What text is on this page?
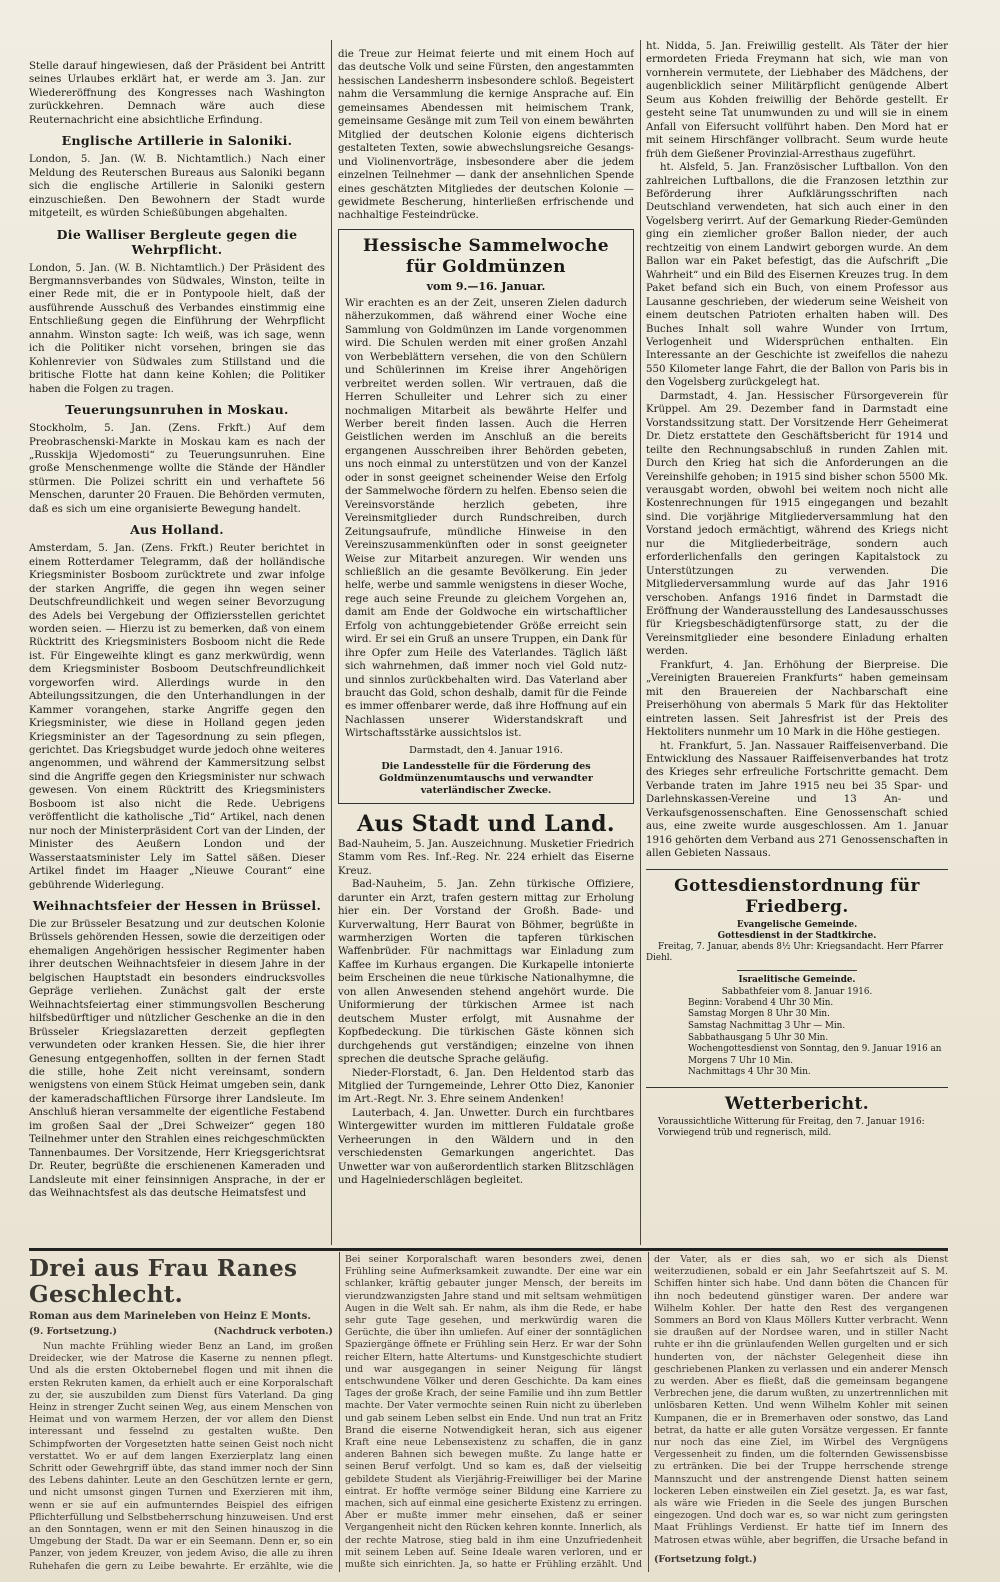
Stelle darauf hingewiesen, daß der Präsident bei Antritt seines Urlaubes erklärt hat, er werde am 3. Jan. zur Wiedereröffnung des Kongresses nach Washington zurückkehren. Demnach wäre auch diese Reuternachricht eine absichtliche Erfindung.

Englische Artillerie in Saloniki.

London, 5. Jan. (W. B. Nichtamtlich.) Nach einer Meldung des Reuterschen Bureaus aus Saloniki begann sich die englische Artillerie in Saloniki gestern einzuschießen. Den Bewohnern der Stadt wurde mitgeteilt, es würden Schießübungen abgehalten.

Die Walliser Bergleute gegen die Wehrpflicht.

London, 5. Jan. (W. B. Nichtamtlich.) Der Präsident des Bergmannsverbandes von Südwales, Winston, teilte in einer Rede mit, die er in Pontypoole hielt, daß der ausführende Ausschuß des Verbandes einstimmig eine Entschließung gegen die Einführung der Wehrpflicht annahm. Winston sagte: Ich weiß, was ich sage, wenn ich die Politiker nicht vorsehen, bringen sie das Kohlenrevier von Südwales zum Stillstand und die britische Flotte hat dann keine Kohlen; die Politiker haben die Folgen zu tragen.

Teuerungsunruhen in Moskau.

Stockholm, 5. Jan. (Zens. Frkft.) Auf dem Preobraschenski-Markte in Moskau kam es nach der „Russkija Wjedomosti“ zu Teuerungsunruhen. Eine große Menschenmenge wollte die Stände der Händler stürmen. Die Polizei schritt ein und verhaftete 56 Menschen, darunter 20 Frauen. Die Behörden vermuten, daß es sich um eine organisierte Bewegung handelt.

Aus Holland.

Amsterdam, 5. Jan. (Zens. Frkft.) Reuter berichtet in einem Rotterdamer Telegramm, daß der holländische Kriegsminister Bosboom zurücktrete und zwar infolge der starken Angriffe, die gegen ihn wegen seiner Deutschfreundlichkeit und wegen seiner Bevorzugung des Adels bei Vergebung der Offiziersstellen gerichtet worden seien. — Hierzu ist zu bemerken, daß von einem Rücktritt des Kriegsministers Bosboom nicht die Rede ist. Für Eingeweihte klingt es ganz merkwürdig, wenn dem Kriegsminister Bosboom Deutschfreundlichkeit vorgeworfen wird. Allerdings wurde in den Abteilungssitzungen, die den Unterhandlungen in der Kammer vorangehen, starke Angriffe gegen den Kriegsminister, wie diese in Holland gegen jeden Kriegsminister an der Tagesordnung zu sein pflegen, gerichtet. Das Kriegsbudget wurde jedoch ohne weiteres angenommen, und während der Kammersitzung selbst sind die Angriffe gegen den Kriegsminister nur schwach gewesen. Von einem Rücktritt des Kriegsministers Bosboom ist also nicht die Rede. Uebrigens veröffentlicht die katholische „Tid“ Artikel, nach denen nur noch der Ministerpräsident Cort van der Linden, der Minister des Aeußern London und der Wasserstaatsminister Lely im Sattel säßen. Dieser Artikel findet im Haager „Nieuwe Courant“ eine gebührende Widerlegung.

Weihnachtsfeier der Hessen in Brüssel.

Die zur Brüsseler Besatzung und zur deutschen Kolonie Brüssels gehörenden Hessen, sowie die derzeitigen oder ehemaligen Angehörigen hessischer Regimenter haben ihrer deutschen Weihnachtsfeier in diesem Jahre in der belgischen Hauptstadt ein besonders eindrucksvolles Gepräge verliehen. Zunächst galt der erste Weihnachtsfeiertag einer stimmungsvollen Bescherung hilfsbedürftiger und nützlicher Geschenke an die in den Brüsseler Kriegslazaretten derzeit gepflegten verwundeten oder kranken Hessen. Sie, die hier ihrer Genesung entgegenhoffen, sollten in der fernen Stadt die stille, hohe Zeit nicht vereinsamt, sondern wenigstens von einem Stück Heimat umgeben sein, dank der kameradschaftlichen Fürsorge ihrer Landsleute. Im Anschluß hieran versammelte der eigentliche Festabend im großen Saal der „Drei Schweizer“ gegen 180 Teilnehmer unter den Strahlen eines reichgeschmückten Tannenbaumes. Der Vorsitzende, Herr Kriegsgerichtsrat Dr. Reuter, begrüßte die erschienenen Kameraden und Landsleute mit einer feinsinnigen Ansprache, in der er das Weihnachtsfest als das deutsche Heimatsfest und

die Treue zur Heimat feierte und mit einem Hoch auf das deutsche Volk und seine Fürsten, den angestammten hessischen Landesherrn insbesondere schloß. Begeistert nahm die Versammlung die kernige Ansprache auf. Ein gemeinsames Abendessen mit heimischem Trank, gemeinsame Gesänge mit zum Teil von einem bewährten Mitglied der deutschen Kolonie eigens dichterisch gestalteten Texten, sowie abwechslungsreiche Gesangs- und Violinenvorträge, insbesondere aber die jedem einzelnen Teilnehmer — dank der ansehnlichen Spende eines geschätzten Mitgliedes der deutschen Kolonie — gewidmete Bescherung, hinterließen erfrischende und nachhaltige Festeindrücke.

Hessische Sammelwoche für Goldmünzen
vom 9.—16. Januar.

Wir erachten es an der Zeit, unseren Zielen dadurch näherzukommen, daß während einer Woche eine Sammlung von Goldmünzen im Lande vorgenommen wird. Die Schulen werden mit einer großen Anzahl von Werbeblättern versehen, die von den Schülern und Schülerinnen im Kreise ihrer Angehörigen verbreitet werden sollen. Wir vertrauen, daß die Herren Schulleiter und Lehrer sich zu einer nochmaligen Mitarbeit als bewährte Helfer und Werber bereit finden lassen. Auch die Herren Geistlichen werden im Anschluß an die bereits ergangenen Ausschreiben ihrer Behörden gebeten, uns noch einmal zu unterstützen und von der Kanzel oder in sonst geeignet scheinender Weise den Erfolg der Sammelwoche fördern zu helfen. Ebenso seien die Vereinsvorstände herzlich gebeten, ihre Vereinsmitglieder durch Rundschreiben, durch Zeitungsaufrufe, mündliche Hinweise in den Vereinszusammenkünften oder in sonst geeigneter Weise zur Mitarbeit anzuregen. Wir wenden uns schließlich an die gesamte Bevölkerung. Ein jeder helfe, werbe und sammle wenigstens in dieser Woche, rege auch seine Freunde zu gleichem Vorgehen an, damit am Ende der Goldwoche ein wirtschaftlicher Erfolg von achtunggebietender Größe erreicht sein wird. Er sei ein Gruß an unsere Truppen, ein Dank für ihre Opfer zum Heile des Vaterlandes. Täglich läßt sich wahrnehmen, daß immer noch viel Gold nutz- und sinnlos zurückbehalten wird. Das Vaterland aber braucht das Gold, schon deshalb, damit für die Feinde es immer offenbarer werde, daß ihre Hoffnung auf ein Nachlassen unserer Widerstandskraft und Wirtschaftsstärke aussichtslos ist.

Darmstadt, den 4. Januar 1916.
Die Landesstelle für die Förderung des Goldmünzenumtauschs und verwandter vaterländischer Zwecke.
Aus Stadt und Land.

Bad-Nauheim, 5. Jan. Auszeichnung. Musketier Friedrich Stamm vom Res. Inf.-Reg. Nr. 224 erhielt das Eiserne Kreuz.

Bad-Nauheim, 5. Jan. Zehn türkische Offiziere, darunter ein Arzt, trafen gestern mittag zur Erholung hier ein. Der Vorstand der Großh. Bade- und Kurverwaltung, Herr Baurat von Böhmer, begrüßte in warmherzigen Worten die tapferen türkischen Waffenbrüder. Für nachmittags war Einladung zum Kaffee im Kurhaus ergangen. Die Kurkapelle intonierte beim Erscheinen die neue türkische Nationalhymne, die von allen Anwesenden stehend angehört wurde. Die Uniformierung der türkischen Armee ist nach deutschem Muster erfolgt, mit Ausnahme der Kopfbedeckung. Die türkischen Gäste können sich durchgehends gut verständigen; einzelne von ihnen sprechen die deutsche Sprache geläufig.

Nieder-Florstadt, 6. Jan. Den Heldentod starb das Mitglied der Turngemeinde, Lehrer Otto Diez, Kanonier im Art.-Regt. Nr. 3. Ehre seinem Andenken!

Lauterbach, 4. Jan. Unwetter. Durch ein furchtbares Wintergewitter wurden im mittleren Fuldatale große Verheerungen in den Wäldern und in den verschiedensten Gemarkungen angerichtet. Das Unwetter war von außerordentlich starken Blitzschlägen und Hagelniederschlägen begleitet.

ht. Nidda, 5. Jan. Freiwillig gestellt. Als Täter der hier ermordeten Frieda Freymann hat sich, wie man von vornherein vermutete, der Liebhaber des Mädchens, der augenblicklich seiner Militärpflicht genügende Albert Seum aus Kohden freiwillig der Behörde gestellt. Er gesteht seine Tat unumwunden zu und will sie in einem Anfall von Eifersucht vollführt haben. Den Mord hat er mit seinem Hirschfänger vollbracht. Seum wurde heute früh dem Gießener Provinzial-Arresthaus zugeführt.

ht. Alsfeld, 5. Jan. Französischer Luftballon. Von den zahlreichen Luftballons, die die Franzosen letzthin zur Beförderung ihrer Aufklärungsschriften nach Deutschland verwendeten, hat sich auch einer in den Vogelsberg verirrt. Auf der Gemarkung Rieder-Gemünden ging ein ziemlicher großer Ballon nieder, der auch rechtzeitig von einem Landwirt geborgen wurde. An dem Ballon war ein Paket befestigt, das die Aufschrift „Die Wahrheit“ und ein Bild des Eisernen Kreuzes trug. In dem Paket befand sich ein Buch, von einem Professor aus Lausanne geschrieben, der wiederum seine Weisheit von einem deutschen Patrioten erhalten haben will. Des Buches Inhalt soll wahre Wunder von Irrtum, Verlogenheit und Widersprüchen enthalten. Ein Interessante an der Geschichte ist zweifellos die nahezu 550 Kilometer lange Fahrt, die der Ballon von Paris bis in den Vogelsberg zurückgelegt hat.

Darmstadt, 4. Jan. Hessischer Fürsorgeverein für Krüppel. Am 29. Dezember fand in Darmstadt eine Vorstandssitzung statt. Der Vorsitzende Herr Geheimerat Dr. Dietz erstattete den Geschäftsbericht für 1914 und teilte den Rechnungsabschluß in runden Zahlen mit. Durch den Krieg hat sich die Anforderungen an die Vereinshilfe gehoben; in 1915 sind bisher schon 5500 Mk. verausgabt worden, obwohl bei weitem noch nicht alle Kostenrechnungen für 1915 eingegangen und bezahlt sind. Die vorjährige Mitgliederversammlung hat den Vorstand jedoch ermächtigt, während des Kriegs nicht nur die Mitgliederbeiträge, sondern auch erforderlichenfalls den geringen Kapitalstock zu Unterstützungen zu verwenden. Die Mitgliederversammlung wurde auf das Jahr 1916 verschoben. Anfangs 1916 findet in Darmstadt die Eröffnung der Wanderausstellung des Landesausschusses für Kriegsbeschädigtenfürsorge statt, zu der die Vereinsmitglieder eine besondere Einladung erhalten werden.

Frankfurt, 4. Jan. Erhöhung der Bierpreise. Die „Vereinigten Brauereien Frankfurts“ haben gemeinsam mit den Brauereien der Nachbarschaft eine Preiserhöhung von abermals 5 Mark für das Hektoliter eintreten lassen. Seit Jahresfrist ist der Preis des Hektoliters nunmehr um 10 Mark in die Höhe gestiegen.

ht. Frankfurt, 5. Jan. Nassauer Raiffeisenverband. Die Entwicklung des Nassauer Raiffeisenverbandes hat trotz des Krieges sehr erfreuliche Fortschritte gemacht. Dem Verbande traten im Jahre 1915 neu bei 35 Spar- und Darlehnskassen-Vereine und 13 An- und Verkaufsgenossenschaften. Eine Genossenschaft schied aus, eine zweite wurde ausgeschlossen. Am 1. Januar 1916 gehörten dem Verband aus 271 Genossenschaften in allen Gebieten Nassaus.

Gottesdienstordnung für Friedberg.

Evangelische Gemeinde.

Gottesdienst in der Stadtkirche.

Freitag, 7. Januar, abends 8½ Uhr: Kriegsandacht. Herr Pfarrer Diehl.

Israelitische Gemeinde.

Sabbathfeier vom 8. Januar 1916.

Beginn: Vorabend 4 Uhr 30 Min.

Samstag Morgen 8 Uhr 30 Min.

Samstag Nachmittag 3 Uhr — Min.

Sabbathausgang 5 Uhr 30 Min.

Wochengottesdienst von Sonntag, den 9. Januar 1916 an

Morgens 7 Uhr 10 Min.

Nachmittags 4 Uhr 30 Min.

Wetterbericht.

Voraussichtliche Witterung für Freitag, den 7. Januar 1916:

Vorwiegend trüb und regnerisch, mild.

Drei aus Frau Ranes Geschlecht.
Roman aus dem Marineleben von Heinz E Monts.
(9. Fortsetzung.)	(Nachdruck verboten.)

Nun machte Frühling wieder Benz an Land, im großen Dreidecker, wie der Matrose die Kaserne zu nennen pflegt. Und als die ersten Oktobernebel flogen und mit ihnen die ersten Rekruten kamen, da erhielt auch er eine Korporalschaft zu der, sie auszubilden zum Dienst fürs Vaterland. Da ging Heinz in strenger Zucht seinen Weg, aus einem Menschen von Heimat und von warmem Herzen, der vor allem den Dienst interessant und fesselnd zu gestalten wußte. Den Schimpfworten der Vorgesetzten hatte seinen Geist noch nicht verstattet. Wo er auf dem langen Exerzierplatz lang einen Schritt oder Gewehrgriff übte, das stand immer noch der Sinn des Lebens dahinter. Leute an den Geschützen lernte er gern, und nicht umsonst gingen Turnen und Exerzieren mit ihm, wenn er sie auf ein aufmunterndes Beispiel des eifrigen Pflichterfüllung und Selbstbeherrschung hinzuweisen. Und erst an den Sonntagen, wenn er mit den Seinen hinauszog in die Umgebung der Stadt. Da war er ein Seemann. Denn er, so ein Panzer, von jedem Kreuzer, von jedem Aviso, die alle zu ihren Ruhehafen die gern zu Leibe bewahrte. Er erzählte, wie die

Bei seiner Korporalschaft waren besonders zwei, denen Frühling seine Aufmerksamkeit zuwandte. Der eine war ein schlanker, kräftig gebauter junger Mensch, der bereits im vierundzwanzigsten Jahre stand und mit seltsam wehmütigen Augen in die Welt sah. Er nahm, als ihm die Rede, er habe sehr gute Tage gesehen, und merkwürdig waren die Gerüchte, die über ihn umliefen. Auf einer der sonntäglichen Spaziergänge öffnete er Frühling sein Herz. Er war der Sohn reicher Eltern, hatte Altertums- und Kunstgeschichte studiert und war ausgegangen in seiner Neigung für längst entschwundene Völker und deren Geschichte. Da kam eines Tages der große Krach, der seine Familie und ihn zum Bettler machte. Der Vater vermochte seinen Ruin nicht zu überleben und gab seinem Leben selbst ein Ende. Und nun trat an Fritz Brand die eiserne Notwendigkeit heran, sich aus eigener Kraft eine neue Lebensexistenz zu schaffen, die in ganz anderen Bahnen sich bewegen mußte. Zu lange hatte er seinen Beruf verfolgt. Und so kam es, daß der vielseitig gebildete Student als Vierjährig-Freiwilliger bei der Marine eintrat. Er hoffte vermöge seiner Bildung eine Karriere zu machen, sich auf einmal eine gesicherte Existenz zu erringen. Aber er mußte immer mehr einsehen, daß er seiner Vergangenheit nicht den Rücken kehren konnte. Innerlich, als der rechte Matrose, stieg bald in ihm eine Unzufriedenheit mit seinem Leben auf. Seine Ideale waren verloren, und er mußte sich einrichten. Ja, so hatte er Frühling erzählt. Und

der Vater, als er dies sah, wo er sich als Dienst weiterzudienen, sobald er ein Jahr Seefahrtszeit auf S. M. Schiffen hinter sich habe. Und dann böten die Chancen für ihn noch bedeutend günstiger waren. Der andere war Wilhelm Kohler. Der hatte den Rest des vergangenen Sommers an Bord von Klaus Möllers Kutter verbracht. Wenn sie draußen auf der Nordsee waren, und in stiller Nacht ruhte er ihn die grünlaufenden Wellen gurgelten und er sich hunderten von, der nächster Gelegenheit diese ihn geschriebenen Planken zu verlassen und ein anderer Mensch zu werden. Aber es fließt, daß die gemeinsam begangene Verbrechen jene, die darum wußten, zu unzertrennlichen mit unlösbaren Ketten. Und wenn Wilhelm Kohler mit seinen Kumpanen, die er in Bremerhaven oder sonstwo, das Land betrat, da hatte er alle guten Vorsätze vergessen. Er fannte nur noch das eine Ziel, im Wirbel des Vergnügens Vergessenheit zu finden, um die folternden Gewissensbisse zu ertränken. Die bei der Truppe herrschende strenge Mannszucht und der anstrengende Dienst hatten seinem lockeren Leben einstweilen ein Ziel gesetzt. Ja, es war fast, als wäre wie Frieden in die Seele des jungen Burschen eingezogen. Und doch war es, so war nicht zum geringsten Maat Frühlings Verdienst. Er hatte tief im Innern des Matrosen etwas wühle, aber begriffen, die Ursache befand in

(Fortsetzung folgt.)
